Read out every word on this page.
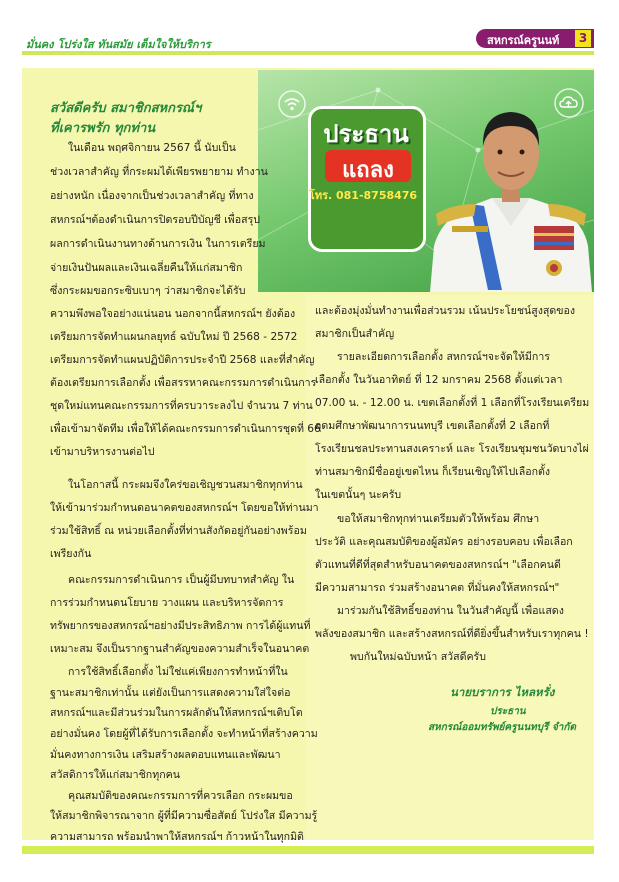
มั่นคง โปร่งใส ทันสมัย เต็มใจให้บริการ	สหกรณ์ครูนนท์	3
ประธาน
แถลง
โทร. 081-8758476
สวัสดีครับ สมาชิกสหกรณ์ฯ
ที่เคารพรัก ทุกท่าน
ในเดือน พฤศจิกายน 2567 นี้ นับเป็น
ช่วงเวลาสำคัญ ที่กระผมได้เพียรพยายาม ทำงาน
อย่างหนัก เนื่องจากเป็นช่วงเวลาสำคัญ ที่ทาง
สหกรณ์ฯต้องดำเนินการปิดรอบปีบัญชี เพื่อสรุป
ผลการดำเนินงานทางด้านการเงิน ในการเตรียม
จ่ายเงินปันผลและเงินเฉลี่ยคืนให้แก่สมาชิก
ซึ่งกระผมขอกระซิบเบาๆ ว่าสมาชิกจะได้รับ
ความพึงพอใจอย่างแน่นอน นอกจากนี้สหกรณ์ฯ ยังต้อง
เตรียมการจัดทำแผนกลยุทธ์ ฉบับใหม่ ปี 2568 - 2572
เตรียมการจัดทำแผนปฏิบัติการประจำปี 2568 และที่สำคัญ
ต้องเตรียมการเลือกตั้ง เพื่อสรรหาคณะกรรมการดำเนินการ
ชุดใหม่แทนคณะกรรมการที่ครบวาระลงไป จำนวน 7 ท่าน
เพื่อเข้ามาจัดทีม เพื่อให้ได้คณะกรรมการดำเนินการชุดที่ 66
เข้ามาบริหารงานต่อไป
ในโอกาสนี้ กระผมจึงใคร่ขอเชิญชวนสมาชิกทุกท่าน
ให้เข้ามาร่วมกำหนดอนาคตของสหกรณ์ฯ โดยขอให้ท่านมา
ร่วมใช้สิทธิ์ ณ หน่วยเลือกตั้งที่ท่านสังกัดอยู่กันอย่างพร้อม
เพรียงกัน
คณะกรรมการดำเนินการ เป็นผู้มีบทบาทสำคัญ ใน
การร่วมกำหนดนโยบาย วางแผน และบริหารจัดการ
ทรัพยากรของสหกรณ์ฯอย่างมีประสิทธิภาพ การได้ผู้แทนที่
เหมาะสม จึงเป็นรากฐานสำคัญของความสำเร็จในอนาคต
การใช้สิทธิ์เลือกตั้ง ไม่ใช่แค่เพียงการทำหน้าที่ใน
ฐานะสมาชิกเท่านั้น แต่ยังเป็นการแสดงความใส่ใจต่อ
สหกรณ์ฯและมีส่วนร่วมในการผลักดันให้สหกรณ์ฯเติบโต
อย่างมั่นคง โดยผู้ที่ได้รับการเลือกตั้ง จะทำหน้าที่สร้างความ
มั่นคงทางการเงิน เสริมสร้างผลตอบแทนและพัฒนา
สวัสดิการให้แก่สมาชิกทุกคน
และต้องมุ่งมั่นทำงานเพื่อส่วนรวม เน้นประโยชน์สูงสุดของ
สมาชิกเป็นสำคัญ
รายละเอียดการเลือกตั้ง สหกรณ์ฯจะจัดให้มีการ
เลือกตั้ง ในวันอาทิตย์ ที่ 12 มกราคม 2568 ตั้งแต่เวลา
07.00 น. - 12.00 น. เขตเลือกตั้งที่ 1 เลือกที่โรงเรียนเตรียม
อุดมศึกษาพัฒนาการนนทบุรี เขตเลือกตั้งที่ 2 เลือกที่
โรงเรียนชลประทานสงเคราะห์ และ โรงเรียนชุมชนวัดบางไผ่
ท่านสมาชิกมีชื่ออยู่เขตไหน ก็เรียนเชิญให้ไปเลือกตั้ง
ในเขตนั้นๆ นะครับ
ขอให้สมาชิกทุกท่านเตรียมตัวให้พร้อม ศึกษา
ประวัติ และคุณสมบัติของผู้สมัคร อย่างรอบคอบ เพื่อเลือก
ตัวแทนที่ดีที่สุดสำหรับอนาคตของสหกรณ์ฯ "เลือกคนดี
มีความสามารถ ร่วมสร้างอนาคต ที่มั่นคงให้สหกรณ์ฯ"
มาร่วมกันใช้สิทธิ์ของท่าน ในวันสำคัญนี้ เพื่อแสดง
พลังของสมาชิก และสร้างสหกรณ์ที่ดียิ่งขึ้นสำหรับเราทุกคน !
พบกันใหม่ฉบับหน้า สวัสดีครับ
นายบราการ ไหลหรั่ง
ประธาน
สหกรณ์ออมทรัพย์ครูนนทบุรี จำกัด
คุณสมบัติของคณะกรรมการที่ควรเลือก กระผมขอ
ให้สมาชิกพิจารณาจาก ผู้ที่มีความซื่อสัตย์ โปร่งใส มีความรู้
ความสามารถ พร้อมนำพาให้สหกรณ์ฯ ก้าวหน้าในทุกมิติ
